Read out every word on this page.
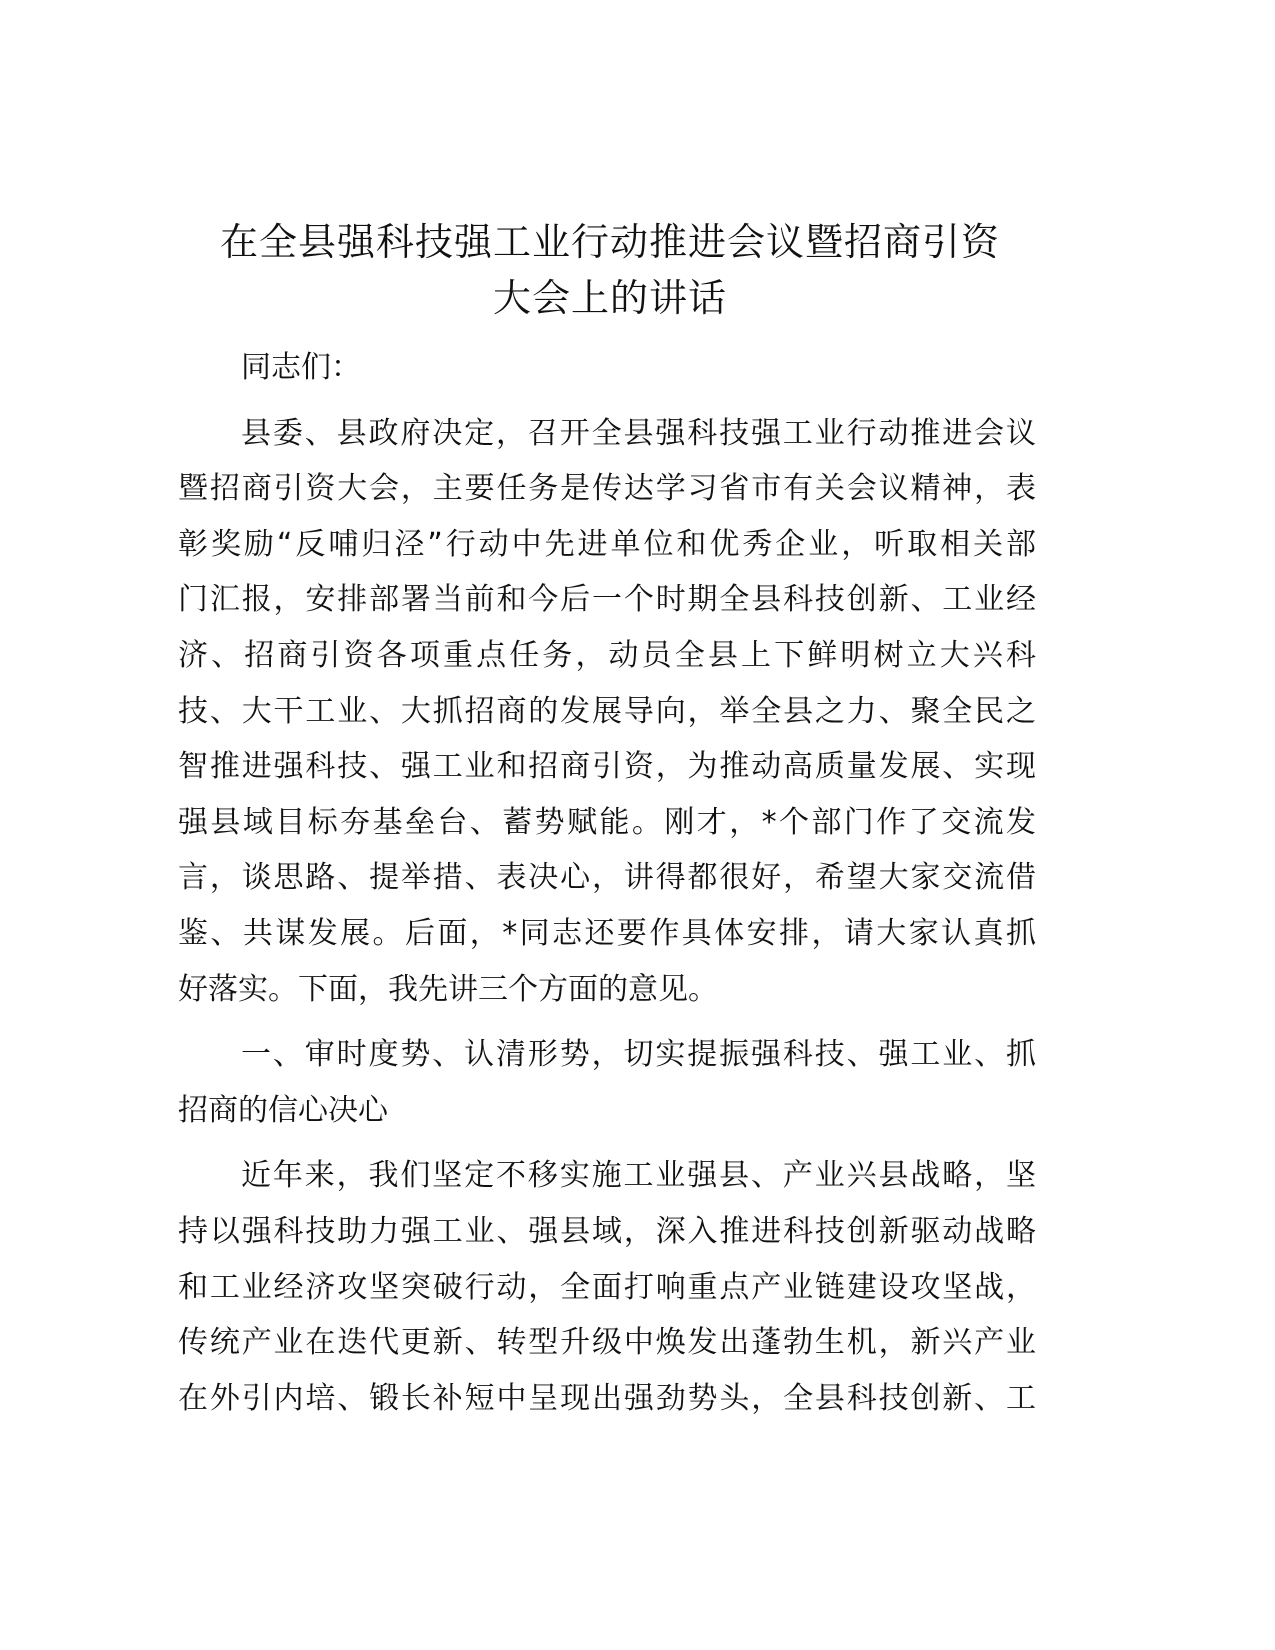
在全县强科技强工业行动推进会议暨招商引资
大会上的讲话
同志们：
县委、县政府决定，召开全县强科技强工业行动推进会议
暨招商引资大会，主要任务是传达学习省市有关会议精神，表
彰奖励“反哺归泾”行动中先进单位和优秀企业，听取相关部
门汇报，安排部署当前和今后一个时期全县科技创新、工业经
济、招商引资各项重点任务，动员全县上下鲜明树立大兴科
技、大干工业、大抓招商的发展导向，举全县之力、聚全民之
智推进强科技、强工业和招商引资，为推动高质量发展、实现
强县域目标夯基垒台、蓄势赋能。刚才，*个部门作了交流发
言，谈思路、提举措、表决心，讲得都很好，希望大家交流借
鉴、共谋发展。后面，*同志还要作具体安排，请大家认真抓
好落实。下面，我先讲三个方面的意见。
一、审时度势、认清形势，切实提振强科技、强工业、抓
招商的信心决心
近年来，我们坚定不移实施工业强县、产业兴县战略，坚
持以强科技助力强工业、强县域，深入推进科技创新驱动战略
和工业经济攻坚突破行动，全面打响重点产业链建设攻坚战，
传统产业在迭代更新、转型升级中焕发出蓬勃生机，新兴产业
在外引内培、锻长补短中呈现出强劲势头，全县科技创新、工
